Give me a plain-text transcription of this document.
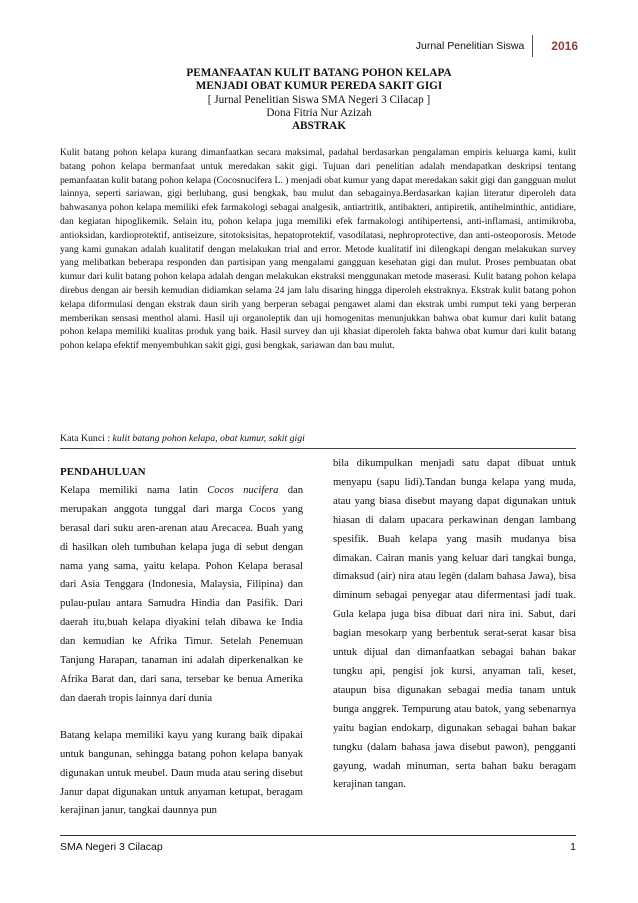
Jurnal Penelitian Siswa 2016
PEMANFAATAN KULIT BATANG POHON KELAPA
MENJADI OBAT KUMUR PEREDA SAKIT GIGI
[ Jurnal Penelitian Siswa SMA Negeri 3 Cilacap ]
Dona Fitria Nur Azizah
ABSTRAK
Kulit batang pohon kelapa kurang dimanfaatkan secara maksimal, padahal berdasarkan pengalaman empiris keluarga kami, kulit batang pohon kelapa bermanfaat untuk meredakan sakit gigi. Tujuan dari penelitian adalah mendapatkan deskripsi tentang pemanfaatan kulit batang pohon kelapa (Cocosnucifera L. ) menjadi obat kumur yang dapat meredakan sakit gigi dan gangguan mulut lainnya, seperti sariawan, gigi berlubang, gusi bengkak, bau mulut dan sebagainya.Berdasarkan kajian literatur diperoleh data bahwasanya pohon kelapa memiliki efek farmakologi sebagai analgesik, antiartritik, antibakteri, antipiretik, antihelminthic, antidiare, dan kegiatan hipoglikemik. Selain itu, pohon kelapa juga memiliki efek farmakologi antihipertensi, anti-inflamasi, antimikroba, antioksidan, kardioprotektif, antiseizure, sitotoksisitas, hepatoprotektif, vasodilatasi, nephroprotective, dan anti-osteoporosis. Metode yang kami gunakan adalah kualitatif dengan melakukan trial and error. Metode kualitatif ini dilengkapi dengan melakukan survey yang melibatkan beberapa responden dan partisipan yang mengalami gangguan kesehatan gigi dan mulut. Proses pembuatan obat kumur dari kulit batang pohon kelapa adalah dengan melakukan ekstraksi menggunakan metode maserasi. Kulit batang pohon kelapa direbus dengan air bersih kemudian didiamkan selama 24 jam lalu disaring hingga diperoleh ekstraknya. Ekstrak kulit batang pohon kelapa diformulasi dengan ekstrak daun sirih yang berperan sebagai pengawet alami dan ekstrak umbi rumput teki yang berperan memberikan sensasi menthol alami. Hasil uji organoleptik dan uji homogenitas menunjukkan bahwa obat kumur dari kulit batang pohon kelapa memiliki kualitas produk yang baik. Hasil survey dan uji khasiat diperoleh fakta bahwa obat kumur dari kulit batang pohon kelapa efektif menyembuhkan sakit gigi, gusi bengkak, sariawan dan bau mulut.
Kata Kunci : kulit batang pohon kelapa, obat kumur, sakit gigi

PENDAHULUAN

Kelapa memiliki nama latin Cocos nucifera dan merupakan anggota tunggal dari marga Cocos yang berasal dari suku aren-arenan atau Arecacea. Buah yang di hasilkan oleh tumbuhan kelapa juga di sebut dengan nama yang sama, yaitu kelapa. Pohon Kelapa berasal dari Asia Tenggara (Indonesia, Malaysia, Filipina) dan pulau-pulau antara Samudra Hindia dan Pasifik. Dari daerah itu,buah kelapa diyakini telah dibawa ke India dan kemudian ke Afrika Timur. Setelah Penemuan Tanjung Harapan, tanaman ini adalah diperkenalkan ke Afrika Barat dan, dari sana, tersebar ke benua Amerika dan daerah tropis lainnya dari dunia

Batang kelapa memiliki kayu yang kurang baik dipakai untuk bangunan, sehingga batang pohon kelapa banyak digunakan untuk meubel. Daun muda atau sering disebut Janur dapat digunakan untuk anyaman ketupat, beragam kerajinan janur, tangkai daunnya pun

bila dikumpulkan menjadi satu dapat dibuat untuk menyapu (sapu lidi).Tandan bunga kelapa yang muda, atau yang biasa disebut mayang dapat digunakan untuk hiasan di dalam upacara perkawinan dengan lambang spesifik. Buah kelapa yang masih mudanya bisa dimakan. Cairan manis yang keluar dari tangkai bunga, dimaksud (air) nira atau legèn (dalam bahasa Jawa), bisa diminum sebagai penyegar atau difermentasi jadi tuak. Gula kelapa juga bisa dibuat dari nira ini. Sabut, dari bagian mesokarp yang berbentuk serat-serat kasar bisa untuk dijual dan dimanfaatkan sebagai bahan bakar tungku api, pengisi jok kursi, anyaman tali, keset, ataupun bisa digunakan sebagai media tanam untuk bunga anggrek. Tempurung atau batok, yang sebenarnya yaitu bagian endokarp, digunakan sebagai bahan bakar tungku (dalam bahasa jawa disebut pawon), pengganti gayung, wadah minuman, serta bahan baku beragam kerajinan tangan.

SMA Negeri 3 Cilacap	1
